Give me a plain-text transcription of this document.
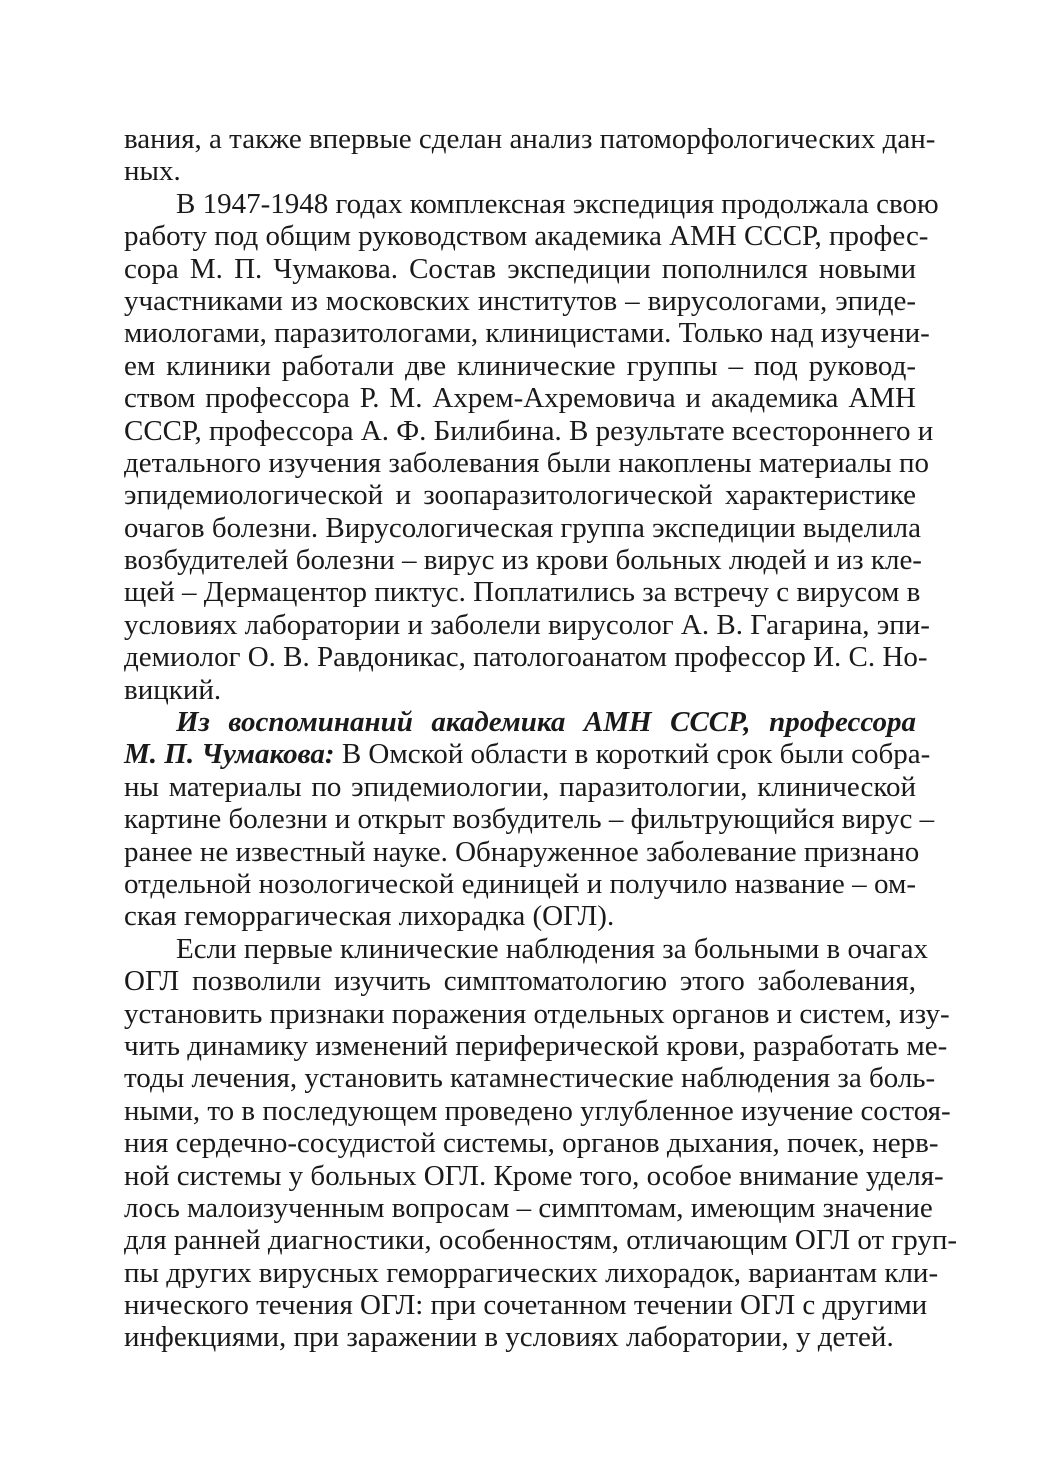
вания, а также впервые сделан анализ патоморфологических дан-
ных.
В 1947-1948 годах комплексная экспедиция продолжала свою
работу под общим руководством академика АМН СССР, профес-
сора М. П. Чумакова. Состав экспедиции пополнился новыми
участниками из московских институтов – вирусологами, эпиде-
миологами, паразитологами, клиницистами. Только над изучени-
ем клиники работали две клинические группы – под руковод-
ством профессора Р. М. Ахрем-Ахремовича и академика АМН
СССР, профессора А. Ф. Билибина. В результате всестороннего и
детального изучения заболевания были накоплены материалы по
эпидемиологической и зоопаразитологической характеристике
очагов болезни. Вирусологическая группа экспедиции выделила
возбудителей болезни – вирус из крови больных людей и из кле-
щей – Дермацентор пиктус. Поплатились за встречу с вирусом в
условиях лаборатории и заболели вирусолог А. В. Гагарина, эпи-
демиолог О. В. Равдоникас, патологоанатом профессор И. С. Но-
вицкий.
Из воспоминаний академика АМН СССР, профессора
М. П. Чумакова: В Омской области в короткий срок были собра-
ны материалы по эпидемиологии, паразитологии, клинической
картине болезни и открыт возбудитель – фильтрующийся вирус –
ранее не известный науке. Обнаруженное заболевание признано
отдельной нозологической единицей и получило название – ом-
ская геморрагическая лихорадка (ОГЛ).
Если первые клинические наблюдения за больными в очагах
ОГЛ позволили изучить симптоматологию этого заболевания,
установить признаки поражения отдельных органов и систем, изу-
чить динамику изменений периферической крови, разработать ме-
тоды лечения, установить катамнестические наблюдения за боль-
ными, то в последующем проведено углубленное изучение состоя-
ния сердечно-сосудистой системы, органов дыхания, почек, нерв-
ной системы у больных ОГЛ. Кроме того, особое внимание уделя-
лось малоизученным вопросам – симптомам, имеющим значение
для ранней диагностики, особенностям, отличающим ОГЛ от груп-
пы других вирусных геморрагических лихорадок, вариантам кли-
нического течения ОГЛ: при сочетанном течении ОГЛ с другими
инфекциями, при заражении в условиях лаборатории, у детей.
